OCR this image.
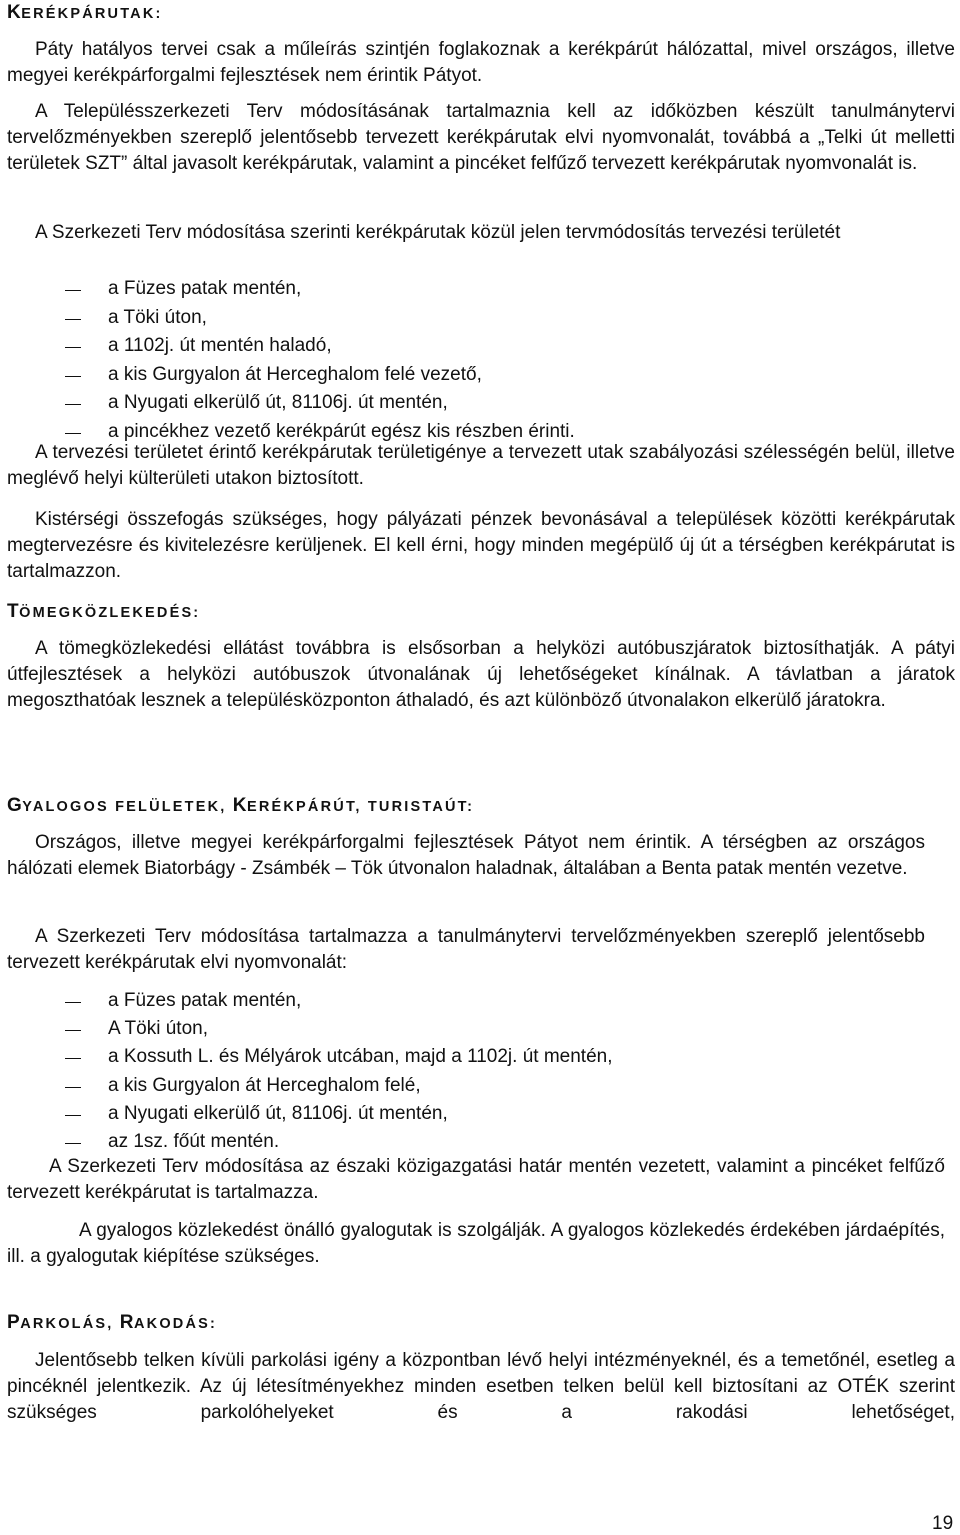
KERÉKPÁRUTAK:

Páty hatályos tervei csak a műleírás szintjén foglakoznak a kerékpárút hálózattal, mivel országos, illetve megyei kerékpárforgalmi fejlesztések nem érintik Pátyot.

A Településszerkezeti Terv módosításának tartalmaznia kell az időközben készült tanulmánytervi tervelőzményekben szereplő jelentősebb tervezett kerékpárutak elvi nyomvonalát, továbbá a „Telki út melletti területek SZT” által javasolt kerékpárutak, valamint a pincéket felfűző tervezett kerékpárutak nyomvonalát is.

A Szerkezeti Terv módosítása szerinti kerékpárutak közül jelen tervmódosítás tervezési területét

a Füzes patak mentén,
a Töki úton,
a 1102j. út mentén haladó,
a kis Gurgyalon át Herceghalom felé vezető,
a Nyugati elkerülő út, 81106j. út mentén,
a pincékhez vezető kerékpárút egész kis részben érinti.

A tervezési területet érintő kerékpárutak területigénye a tervezett utak szabályozási szélességén belül, illetve meglévő helyi külterületi utakon biztosított.

Kistérségi összefogás szükséges, hogy pályázati pénzek bevonásával a települések közötti kerékpárutak megtervezésre és kivitelezésre kerüljenek. El kell érni, hogy minden megépülő új út a térségben kerékpárutat is tartalmazzon.

TÖMEGKÖZLEKEDÉS:

A tömegközlekedési ellátást továbbra is elsősorban a helyközi autóbuszjáratok biztosíthatják. A pátyi útfejlesztések a helyközi autóbuszok útvonalának új lehetőségeket kínálnak. A távlatban a járatok megoszthatóak lesznek a településközponton áthaladó, és azt különböző útvonalakon elkerülő járatokra.

GYALOGOS FELÜLETEK, KERÉKPÁRÚT, TURISTAÚT:

Országos, illetve megyei kerékpárforgalmi fejlesztések Pátyot nem érintik. A térségben az országos hálózati elemek Biatorbágy - Zsámbék – Tök útvonalon haladnak, általában a Benta patak mentén vezetve.

A Szerkezeti Terv módosítása tartalmazza a tanulmánytervi tervelőzményekben szereplő jelentősebb tervezett kerékpárutak elvi nyomvonalát:

a Füzes patak mentén,
A Töki úton,
a Kossuth L. és Mélyárok utcában, majd a 1102j. út mentén,
a kis Gurgyalon át Herceghalom felé,
a Nyugati elkerülő út, 81106j. út mentén,
az 1sz. főút mentén.

A Szerkezeti Terv módosítása az északi közigazgatási határ mentén vezetett, valamint a pincéket felfűző tervezett kerékpárutat is tartalmazza.

A gyalogos közlekedést önálló gyalogutak is szolgálják. A gyalogos közlekedés érdekében járdaépítés, ill. a gyalogutak kiépítése szükséges.

PARKOLÁS, RAKODÁS:

Jelentősebb telken kívüli parkolási igény a központban lévő helyi intézményeknél, és a temetőnél, esetleg a pincéknél jelentkezik. Az új létesítményekhez minden esetben telken belül kell biztosítani az OTÉK szerint szükséges parkolóhelyeket és a rakodási lehetőséget,

19
